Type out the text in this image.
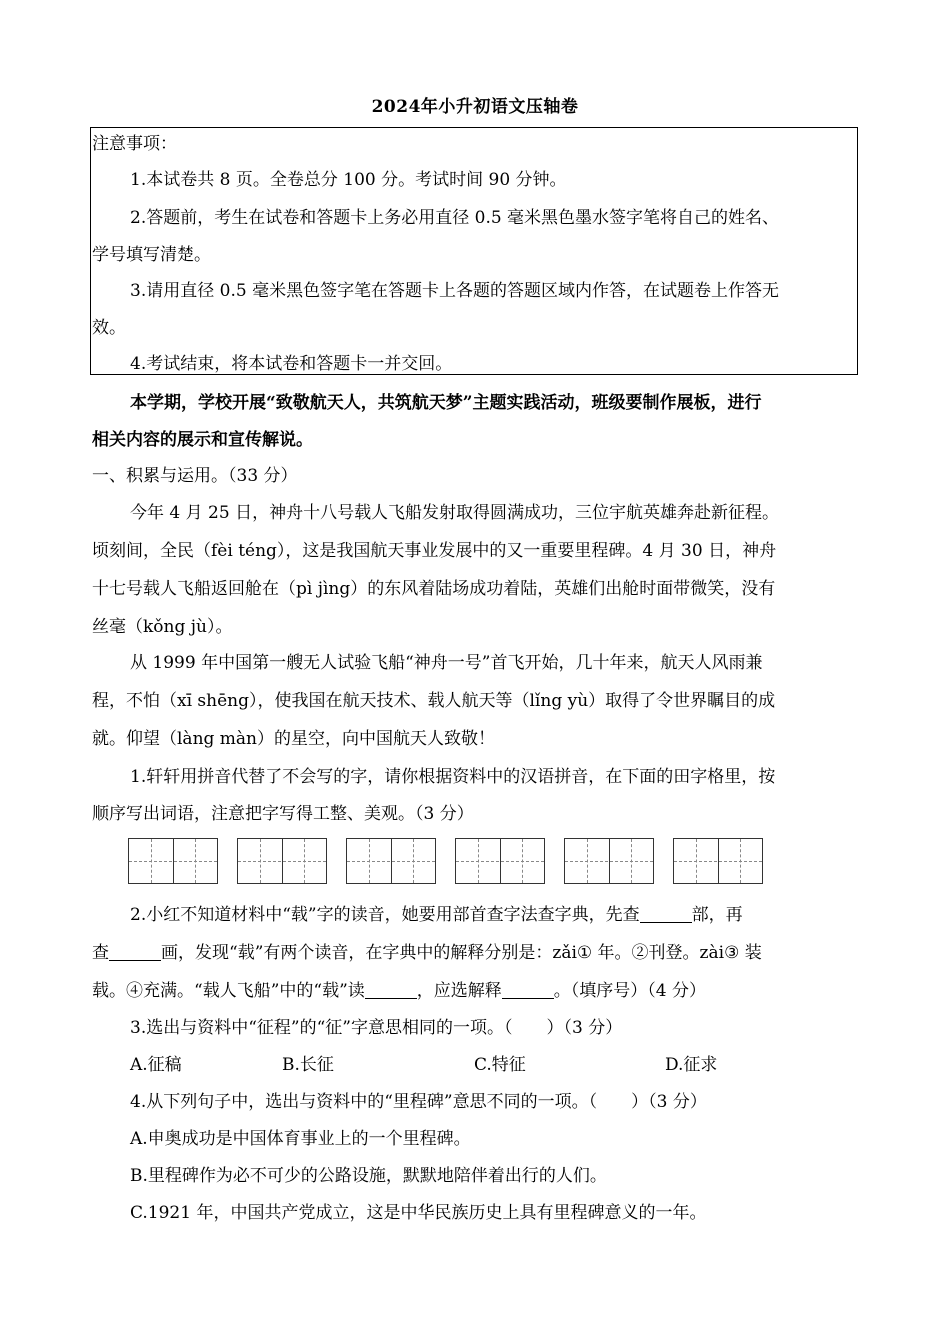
2024年小升初语文压轴卷
注意事项：
1.本试卷共 8 页。全卷总分 100 分。考试时间 90 分钟。
2.答题前，考生在试卷和答题卡上务必用直径 0.5 毫米黑色墨水签字笔将自己的姓名、
学号填写清楚。
3.请用直径 0.5 毫米黑色签字笔在答题卡上各题的答题区域内作答，在试题卷上作答无
效。
4.考试结束，将本试卷和答题卡一并交回。
本学期，学校开展“致敬航天人，共筑航天梦”主题实践活动，班级要制作展板，进行
相关内容的展示和宣传解说。
一、积累与运用。（33 分）
今年 4 月 25 日，神舟十八号载人飞船发射取得圆满成功，三位宇航英雄奔赴新征程。
顷刻间，全民（fèi téng），这是我国航天事业发展中的又一重要里程碑。4 月 30 日，神舟
十七号载人飞船返回舱在（pì jìng）的东风着陆场成功着陆，英雄们出舱时面带微笑，没有
丝毫（kǒng jù）。
从 1999 年中国第一艘无人试验飞船“神舟一号”首飞开始，几十年来，航天人风雨兼
程，不怕（xī shēng），使我国在航天技术、载人航天等（lǐng yù）取得了令世界瞩目的成
就。仰望（làng màn）的星空，向中国航天人致敬！
1.轩轩用拼音代替了不会写的字，请你根据资料中的汉语拼音，在下面的田字格里，按
顺序写出词语，注意把字写得工整、美观。（3 分）
2.小红不知道材料中“载”字的读音，她要用部首查字法查字典，先查	部，再
查	画，发现“载”有两个读音，在字典中的解释分别是：zǎi① 年。②刊登。zài③ 装
载。④充满。“载人飞船”中的“载”读	，应选解释	。（填序号）（4 分）
3.选出与资料中“征程”的“征”字意思相同的一项。（　　）（3 分）
A.征稿	B.长征	C.特征	D.征求
4.从下列句子中，选出与资料中的“里程碑”意思不同的一项。（　　）（3 分）
A.申奥成功是中国体育事业上的一个里程碑。
B.里程碑作为必不可少的公路设施，默默地陪伴着出行的人们。
C.1921 年，中国共产党成立，这是中华民族历史上具有里程碑意义的一年。
